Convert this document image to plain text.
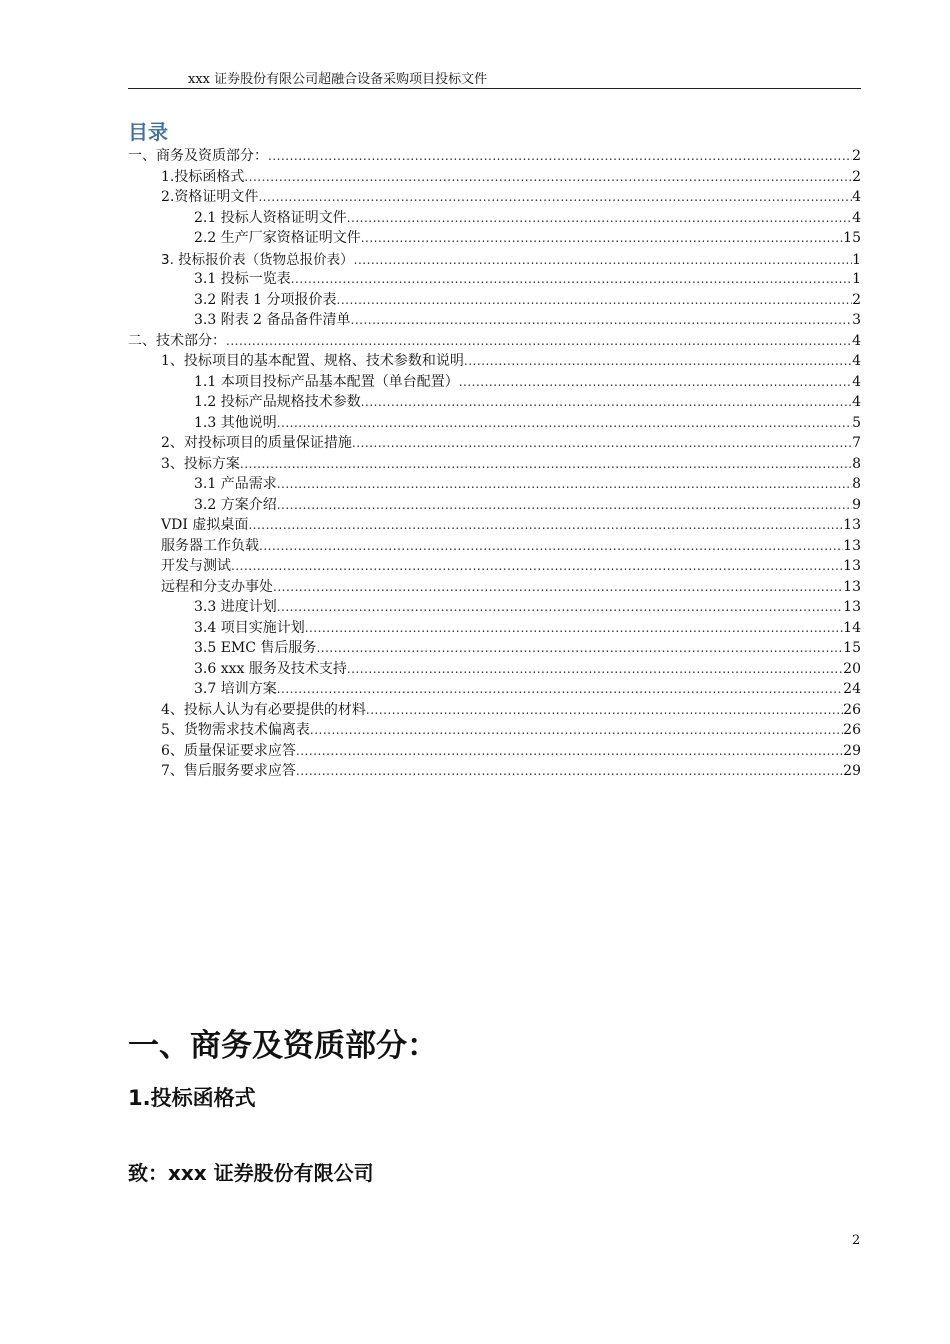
xxx 证券股份有限公司超融合设备采购项目投标文件
目录
一、商务及资质部分： .....	2
1.投标函格式 .....	2
2.资格证明文件 .....	4
2.1 投标人资格证明文件 .....	4
2.2 生产厂家资格证明文件 .....	15
3. 投标报价表（货物总报价表） .....	1
3.1 投标一览表 .....	1
3.2 附表 1 分项报价表 .....	2
3.3 附表 2 备品备件清单 .....	3
二、技术部分： .....	4
1、投标项目的基本配置、规格、技术参数和说明 .....	4
1.1 本项目投标产品基本配置（单台配置） .....	4
1.2 投标产品规格技术参数 .....	4
1.3 其他说明 .....	5
2、对投标项目的质量保证措施 .....	7
3、投标方案 .....	8
3.1 产品需求 .....	8
3.2 方案介绍 .....	9
VDI 虚拟桌面 .....	13
服务器工作负载 .....	13
开发与测试 .....	13
远程和分支办事处 .....	13
3.3 进度计划 .....	13
3.4 项目实施计划 .....	14
3.5 EMC 售后服务 .....	15
3.6 xxx 服务及技术支持 .....	20
3.7 培训方案 .....	24
4、投标人认为有必要提供的材料 .....	26
5、货物需求技术偏离表 .....	26
6、质量保证要求应答 .....	29
7、售后服务要求应答 .....	29
一、商务及资质部分：
1.投标函格式
致：xxx 证券股份有限公司
2
